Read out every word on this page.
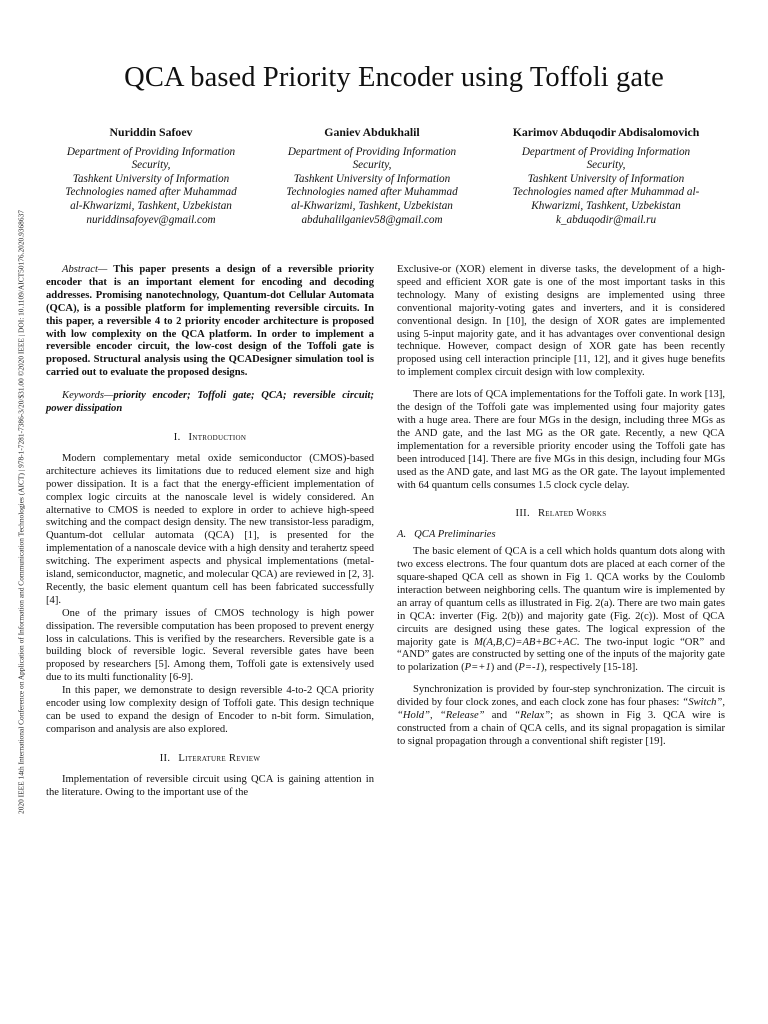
2020 IEEE 14th International Conference on Application of Information and Communication Technologies (AICT) | 978-1-7281-7386-3/20/$31.00 ©2020 IEEE | DOI: 10.1109/AICT50176.2020.9368637
QCA based Priority Encoder using Toffoli gate
Nuriddin Safoev
Department of Providing Information
Security,
Tashkent University of Information
Technologies named after Muhammad
al-Khwarizmi, Tashkent, Uzbekistan
nuriddinsafoyev@gmail.com
Ganiev Abdukhalil
Department of Providing Information
Security,
Tashkent University of Information
Technologies named after Muhammad
al-Khwarizmi, Tashkent, Uzbekistan
abduhalilganiev58@gmail.com
Karimov Abduqodir Abdisalomovich
Department of Providing Information
Security,
Tashkent University of Information
Technologies named after Muhammad al-
Khwarizmi, Tashkent, Uzbekistan
k_abduqodir@mail.ru

Abstract— This paper presents a design of a reversible priority encoder that is an important element for encoding and decoding addresses. Promising nanotechnology, Quantum-dot Cellular Automata (QCA), is a possible platform for implementing reversible circuits. In this paper, a reversible 4 to 2 priority encoder architecture is proposed with low complexity on the QCA platform. In order to implement a reversible encoder circuit, the low-cost design of the Toffoli gate is proposed. Structural analysis using the QCADesigner simulation tool is carried out to evaluate the proposed designs.

Keywords—priority encoder; Toffoli gate; QCA; reversible circuit; power dissipation

I. Introduction

Modern complementary metal oxide semiconductor (CMOS)-based architecture achieves its limitations due to reduced element size and high power dissipation. It is a fact that the energy-efficient implementation of complex logic circuits at the nanoscale level is widely considered. An alternative to CMOS is needed to explore in order to achieve high-speed switching and the compact design density. The new transistor-less paradigm, Quantum-dot cellular automata (QCA) [1], is presented for the implementation of a nanoscale device with a high density and terahertz speed switching. The experiment aspects and physical implementations (metal-island, semiconductor, magnetic, and molecular QCA) are reviewed in [2, 3]. Recently, the basic element quantum cell has been fabricated successfully [4].

One of the primary issues of CMOS technology is high power dissipation. The reversible computation has been proposed to prevent energy loss in calculations. This is verified by the researchers. Reversible gate is a building block of reversible logic. Several reversible gates have been proposed by researchers [5]. Among them, Toffoli gate is extensively used due to its multi functionality [6-9].

In this paper, we demonstrate to design reversible 4-to-2 QCA priority encoder using low complexity design of Toffoli gate. This design technique can be used to expand the design of Encoder to n-bit form. Simulation, comparison and analysis are also explored.

II. Literature Review

Implementation of reversible circuit using QCA is gaining attention in the literature. Owing to the important use of the

Exclusive-or (XOR) element in diverse tasks, the development of a high-speed and efficient XOR gate is one of the most important tasks in this technology. Many of existing designs are implemented using three conventional majority-voting gates and inverters, and it is considered conventional design. In [10], the design of XOR gates are implemented using 5-input majority gate, and it has advantages over conventional design technique. However, compact design of XOR gate has been recently proposed using cell interaction principle [11, 12], and it gives huge benefits to implement complex circuit design with low complexity.

There are lots of QCA implementations for the Toffoli gate. In work [13], the design of the Toffoli gate was implemented using four majority gates with a huge area. There are four MGs in the design, including three MGs as the AND gate, and the last MG as the OR gate. Recently, a new QCA implementation for a reversible priority encoder using the Toffoli gate has been introduced [14]. There are five MGs in this design, including four MGs used as the AND gate, and last MG as the OR gate. The layout implemented with 64 quantum cells consumes 1.5 clock cycle delay.

III. Related Works
A. QCA Preliminaries

The basic element of QCA is a cell which holds quantum dots along with two excess electrons. The four quantum dots are placed at each corner of the square-shaped QCA cell as shown in Fig 1. QCA works by the Coulomb interaction between neighboring cells. The quantum wire is implemented by an array of quantum cells as illustrated in Fig. 2(a). There are two main gates in QCA: inverter (Fig. 2(b)) and majority gate (Fig. 2(c)). Most of QCA circuits are designed using these gates. The logical expression of the majority gate is M(A,B,C)=AB+BC+AC. The two-input logic “OR” and “AND” gates are constructed by setting one of the inputs of the majority gate to polarization (P=+1) and (P=-1), respectively [15-18].

Synchronization is provided by four-step synchronization. The circuit is divided by four clock zones, and each clock zone has four phases: “Switch”, “Hold”, “Release” and “Relax”; as shown in Fig 3. QCA wire is constructed from a chain of QCA cells, and its signal propagation is similar to signal propagation through a conventional shift register [19].
